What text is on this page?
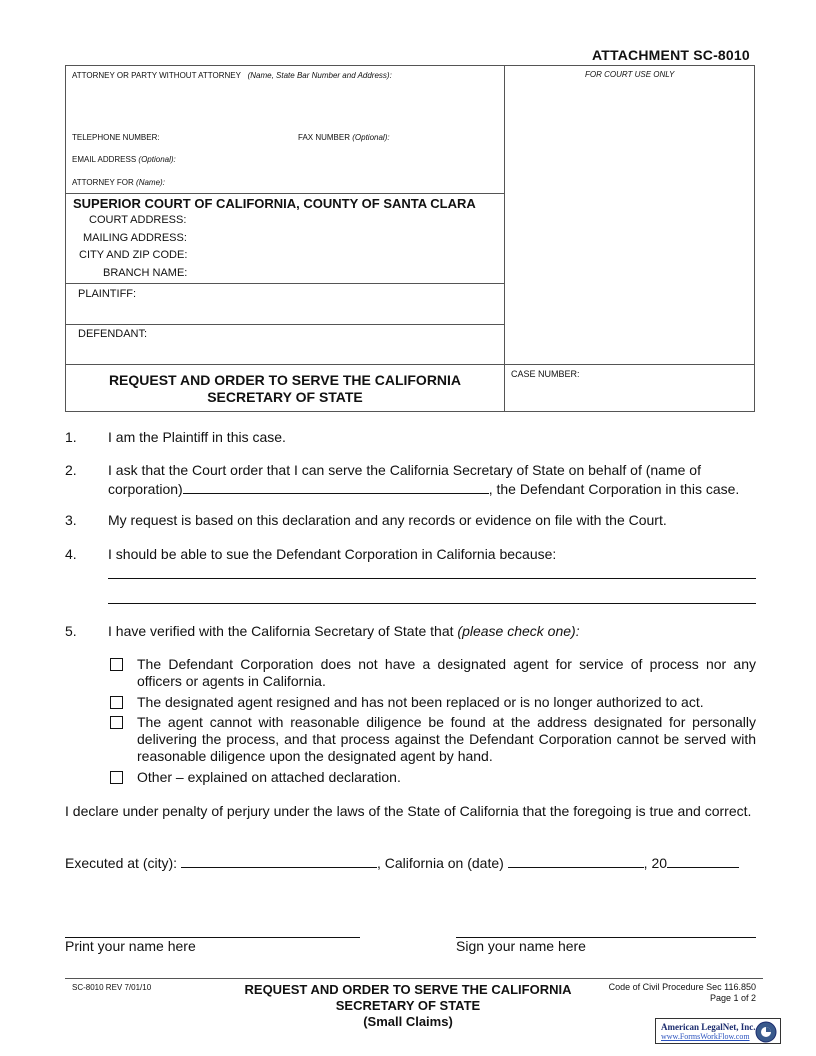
ATTACHMENT SC-8010
ATTORNEY OR PARTY WITHOUT ATTORNEY (Name, State Bar Number and Address):	FOR COURT USE ONLY
TELEPHONE NUMBER:	FAX NUMBER (Optional):
EMAIL ADDRESS (Optional):
ATTORNEY FOR (Name):
SUPERIOR COURT OF CALIFORNIA, COUNTY OF SANTA CLARA
COURT ADDRESS:
MAILING ADDRESS:
CITY AND ZIP CODE:
BRANCH NAME:
PLAINTIFF:
DEFENDANT:
REQUEST AND ORDER TO SERVE THE CALIFORNIA
SECRETARY OF STATE
CASE NUMBER:
1. I am the Plaintiff in this case.
2. I ask that the Court order that I can serve the California Secretary of State on behalf of (name of
corporation)	, the Defendant Corporation in this case.
3. My request is based on this declaration and any records or evidence on file with the Court.
4. I should be able to sue the Defendant Corporation in California because:
5. I have verified with the California Secretary of State that (please check one):
The Defendant Corporation does not have a designated agent for service of process nor any officers or agents in California.
The designated agent resigned and has not been replaced or is no longer authorized to act.
The agent cannot with reasonable diligence be found at the address designated for personally delivering the process, and that process against the Defendant Corporation cannot be served with reasonable diligence upon the designated agent by hand.
Other – explained on attached declaration.
I declare under penalty of perjury under the laws of the State of California that the foregoing is true and correct.
Executed at (city):	, California on (date)	, 20
Print your name here	Sign your name here
SC-8010 REV 7/01/10	REQUEST AND ORDER TO SERVE THE CALIFORNIA
SECRETARY OF STATE
(Small Claims)
Code of Civil Procedure Sec 116.850
Page 1 of 2
American LegalNet, Inc.
www.FormsWorkFlow.com
